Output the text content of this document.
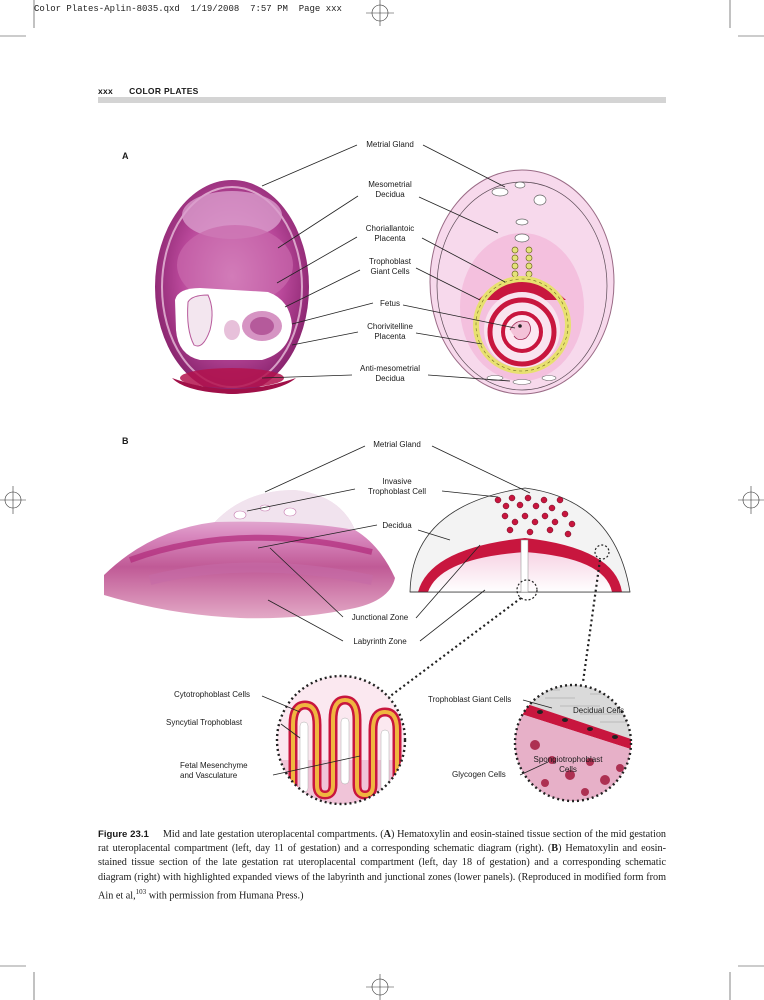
Color Plates-Aplin-8035.qxd 1/19/2008 7:57 PM Page xxx
xxx COLOR PLATES
A
B
Metrial Gland
Mesometrial
Decidua
Choriallantoic
Placenta
Trophoblast
Giant Cells
Fetus
Chorivitelline
Placenta
Anti-mesometrial
Decidua
Metrial Gland
Invasive
Trophoblast Cell
Decidua
Junctional Zone
Labyrinth Zone
Cytotrophoblast Cells
Syncytial Trophoblast
Fetal Mesenchyme
and Vasculature
Trophoblast Giant Cells
Decidual Cells
Spongiotrophoblast
Cells
Glycogen Cells
Figure 23.1 Mid and late gestation uteroplacental compartments. (A) Hematoxylin and eosin-stained tissue section of the mid gestation rat uteroplacental compartment (left, day 11 of gestation) and a corresponding schematic diagram (right). (B) Hematoxylin and eosin-stained tissue section of the late gestation rat uteroplacental compartment (left, day 18 of gestation) and a corresponding schematic diagram (right) with highlighted expanded views of the labyrinth and junctional zones (lower panels). (Reproduced in modified form from Ain et al,$^{103}$ with permission from Humana Press.)
